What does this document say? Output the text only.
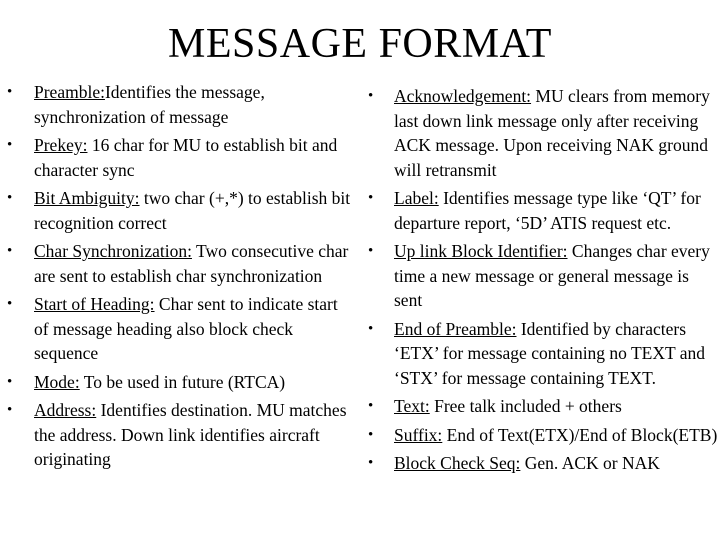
MESSAGE FORMAT
• Preamble:Identifies the message, synchronization of message
• Prekey: 16 char for MU to establish bit and character sync
• Bit Ambiguity: two char (+,*) to establish bit recognition correct
• Char Synchronization: Two consecutive char are sent to establish char synchronization
• Start of Heading: Char sent to indicate start of message heading also block check sequence
• Mode: To be used in future (RTCA)
• Address: Identifies destination. MU matches the address. Down link identifies aircraft originating
• Acknowledgement: MU clears from memory last down link message only after receiving ACK message. Upon receiving NAK ground will retransmit
• Label: Identifies message type like ‘QT’ for departure report, ‘5D’ ATIS request etc.
• Up link Block Identifier: Changes char every time a new message or general message is sent
• End of Preamble: Identified by characters ‘ETX’ for message containing no TEXT and ‘STX’ for message containing TEXT.
• Text: Free talk included + others
• Suffix: End of Text(ETX)/End of Block(ETB)
• Block Check Seq: Gen. ACK or NAK
